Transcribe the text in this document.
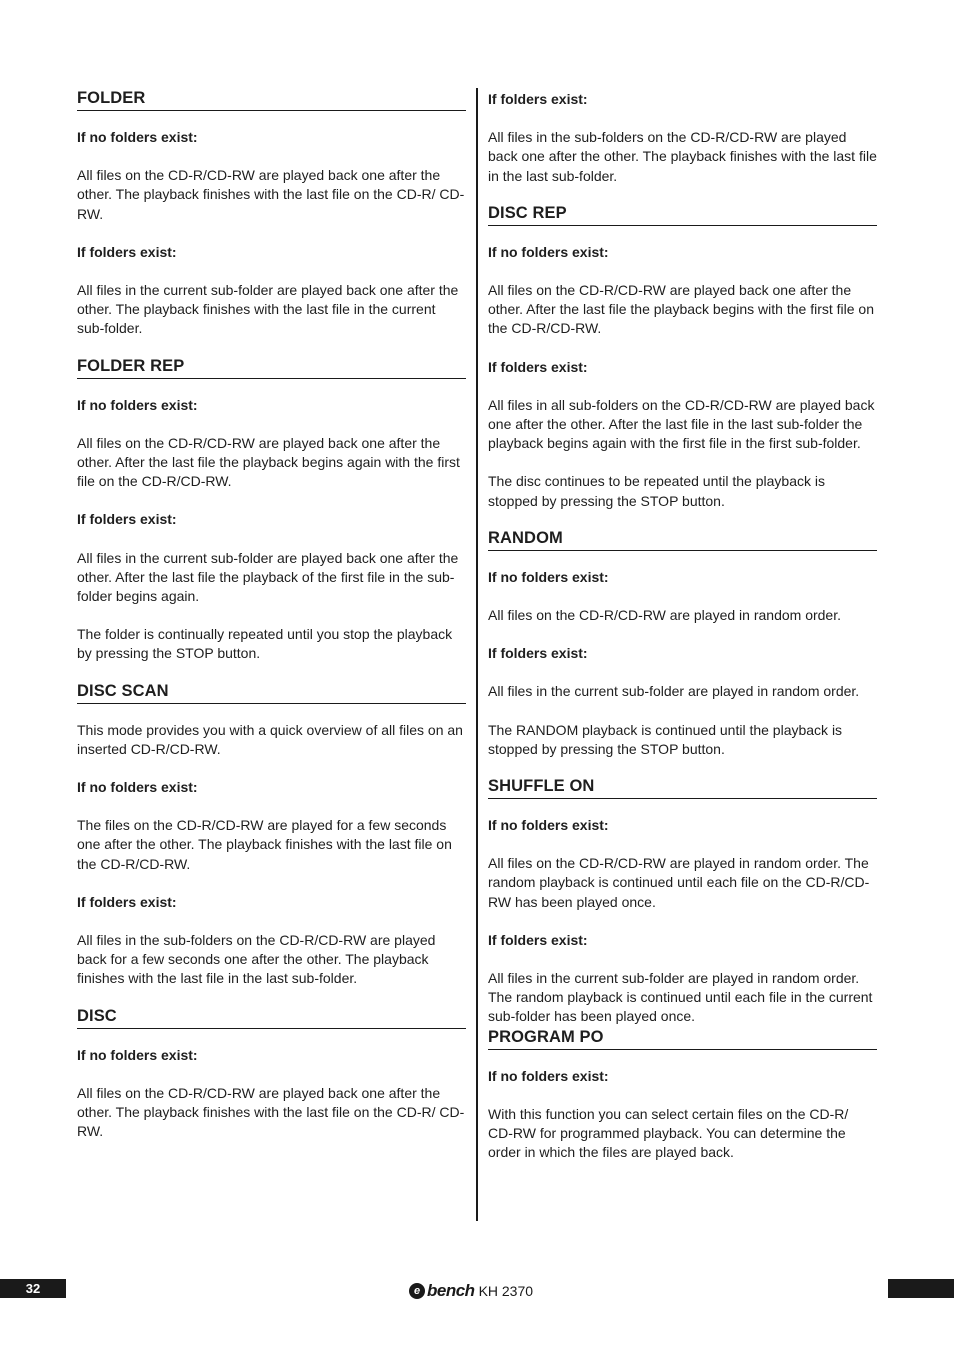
FOLDER
If no folders exist:

All files on the CD-R/CD-RW are played back one after the other. The playback finishes with the last file on the CD-R/ CD-RW.

If folders exist:

All files in the current sub-folder are played back one after the other. The playback finishes with the last file in the current sub-folder.

FOLDER REP
If no folders exist:

All files on the CD-R/CD-RW are played back one after the other. After the last file the playback begins again with the first file on the CD-R/CD-RW.

If folders exist:

All files in the current sub-folder are played back one after the other. After the last file the playback of the first file in the sub-folder begins again.

The folder is continually repeated until you stop the playback by pressing the STOP button.

DISC SCAN

This mode provides you with a quick overview of all files on an inserted CD-R/CD-RW.

If no folders exist:

The files on the CD-R/CD-RW are played for a few seconds one after the other. The playback finishes with the last file on the CD-R/CD-RW.

If folders exist:

All files in the sub-folders on the CD-R/CD-RW are played back for a few seconds one after the other. The playback finishes with the last file in the last sub-folder.

DISC
If no folders exist:

All files on the CD-R/CD-RW are played back one after the other. The playback finishes with the last file on the CD-R/ CD-RW.

If folders exist:

All files in the sub-folders on the CD-R/CD-RW are played back one after the other. The playback finishes with the last file in the last sub-folder.

DISC REP
If no folders exist:

All files on the CD-R/CD-RW are played back one after the other. After the last file the playback begins with the first file on the CD-R/CD-RW.

If folders exist:

All files in all sub-folders on the CD-R/CD-RW are played back one after the other. After the last file in the last sub-folder the playback begins again with the first file in the first sub-folder.

The disc continues to be repeated until the playback is stopped by pressing the STOP button.

RANDOM
If no folders exist:

All files on the CD-R/CD-RW are played in random order.

If folders exist:

All files in the current sub-folder are played in random order.

The RANDOM playback is continued until the playback is stopped by pressing the STOP button.

SHUFFLE ON
If no folders exist:

All files on the CD-R/CD-RW are played in random order. The random playback is continued until each file on the CD-R/CD-RW has been played once.

If folders exist:

All files in the current sub-folder are played in random order. The random playback is continued until each file in the current sub-folder has been played once.

PROGRAM PO
If no folders exist:

With this function you can select certain files on the CD-R/ CD-RW for programmed playback. You can determine the order in which the files are played back.

32	e bench KH 2370
